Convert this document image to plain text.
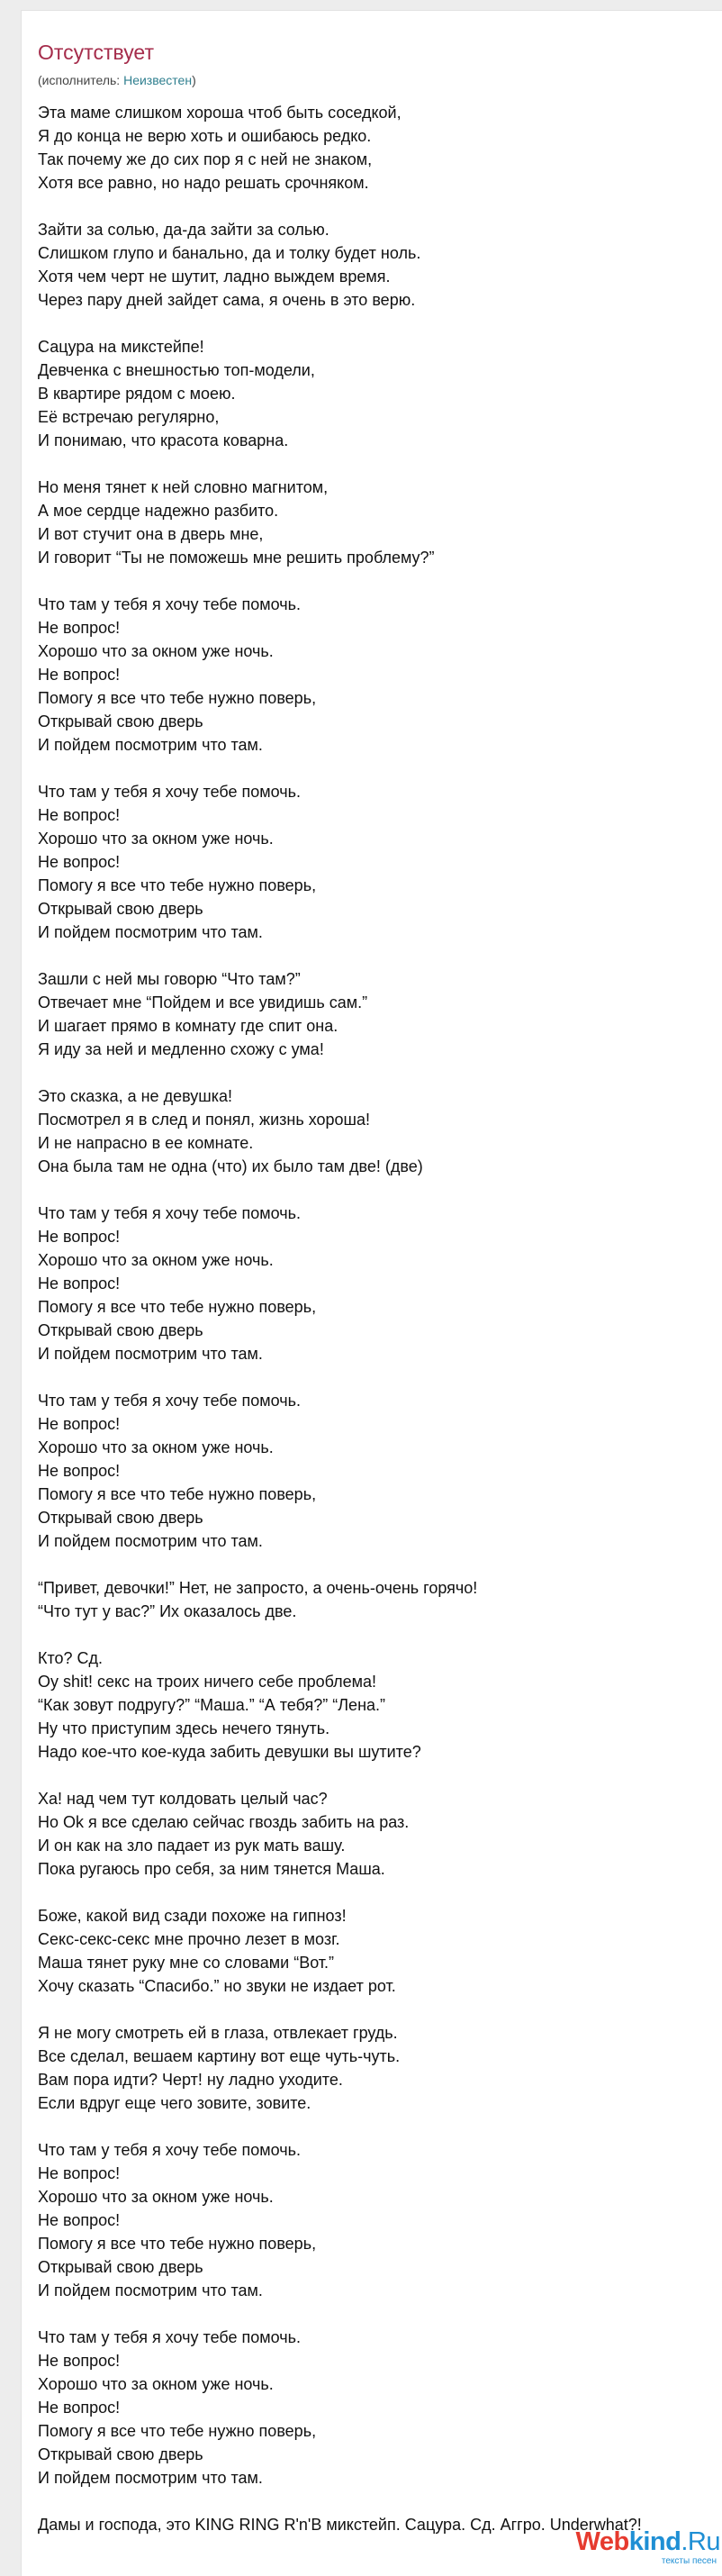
Отсутствует
(исполнитель: Неизвестен)
Эта маме слишком хороша чтоб быть соседкой,
Я до конца не верю хоть и ошибаюсь редко.
Так почему же до сих пор я с ней не знаком,
Хотя все равно, но надо решать срочняком.

Зайти за солью, да-да зайти за солью.
Слишком глупо и банально, да и толку будет ноль.
Хотя чем черт не шутит, ладно выждем время.
Через пару дней зайдет сама, я очень в это верю.

Сацура на микстейпе!
Девченка с внешностью топ-модели,
В квартире рядом с моею.
Её встречаю регулярно,
И понимаю, что красота коварна.

Но меня тянет к ней словно магнитом,
А мое сердце надежно разбито.
И вот стучит она в дверь мне,
И говорит “Ты не поможешь мне решить проблему?”

Что там у тебя я хочу тебе помочь.
Не вопрос!
Хорошо что за окном уже ночь.
Не вопрос!
Помогу я все что тебе нужно поверь,
Открывай свою дверь
И пойдем посмотрим что там.

Что там у тебя я хочу тебе помочь.
Не вопрос!
Хорошо что за окном уже ночь.
Не вопрос!
Помогу я все что тебе нужно поверь,
Открывай свою дверь
И пойдем посмотрим что там.

Зашли с ней мы говорю “Что там?”
Отвечает мне “Пойдем и все увидишь сам.”
И шагает прямо в комнату где спит она.
Я иду за ней и медленно схожу с ума!

Это сказка, а не девушка!
Посмотрел я в след и понял, жизнь хороша!
И не напрасно в ее комнате.
Она была там не одна (что) их было там две! (две)

Что там у тебя я хочу тебе помочь.
Не вопрос!
Хорошо что за окном уже ночь.
Не вопрос!
Помогу я все что тебе нужно поверь,
Открывай свою дверь
И пойдем посмотрим что там.

Что там у тебя я хочу тебе помочь.
Не вопрос!
Хорошо что за окном уже ночь.
Не вопрос!
Помогу я все что тебе нужно поверь,
Открывай свою дверь
И пойдем посмотрим что там.

“Привет, девочки!” Нет, не запросто, а очень-очень горячо!
“Что тут у вас?” Их оказалось две.

Кто? Сд.
Оу shit! секс на троих ничего себе проблема!
“Как зовут подругу?” “Маша.” “А тебя?” “Лена.”
Ну что приступим здесь нечего тянуть.
Надо кое-что кое-куда забить девушки вы шутите?

Ха! над чем тут колдовать целый час?
Но Ok я все сделаю сейчас гвоздь забить на раз.
И он как на зло падает из рук мать вашу.
Пока ругаюсь про себя, за ним тянется Маша.

Боже, какой вид сзади похоже на гипноз!
Секс-секс-секс мне прочно лезет в мозг.
Маша тянет руку мне со словами “Вот.”
Хочу сказать “Спасибо.” но звуки не издает рот.

Я не могу смотреть ей в глаза, отвлекает грудь.
Все сделал, вешаем картину вот еще чуть-чуть.
Вам пора идти? Черт! ну ладно уходите.
Если вдруг еще чего зовите, зовите.

Что там у тебя я хочу тебе помочь.
Не вопрос!
Хорошо что за окном уже ночь.
Не вопрос!
Помогу я все что тебе нужно поверь,
Открывай свою дверь
И пойдем посмотрим что там.

Что там у тебя я хочу тебе помочь.
Не вопрос!
Хорошо что за окном уже ночь.
Не вопрос!
Помогу я все что тебе нужно поверь,
Открывай свою дверь
И пойдем посмотрим что там.

Дамы и господа, это KING RING R'n'B микстейп. Сацура. Сд. Аггро. Underwhat?!
Webkind.Ru
тексты песен
